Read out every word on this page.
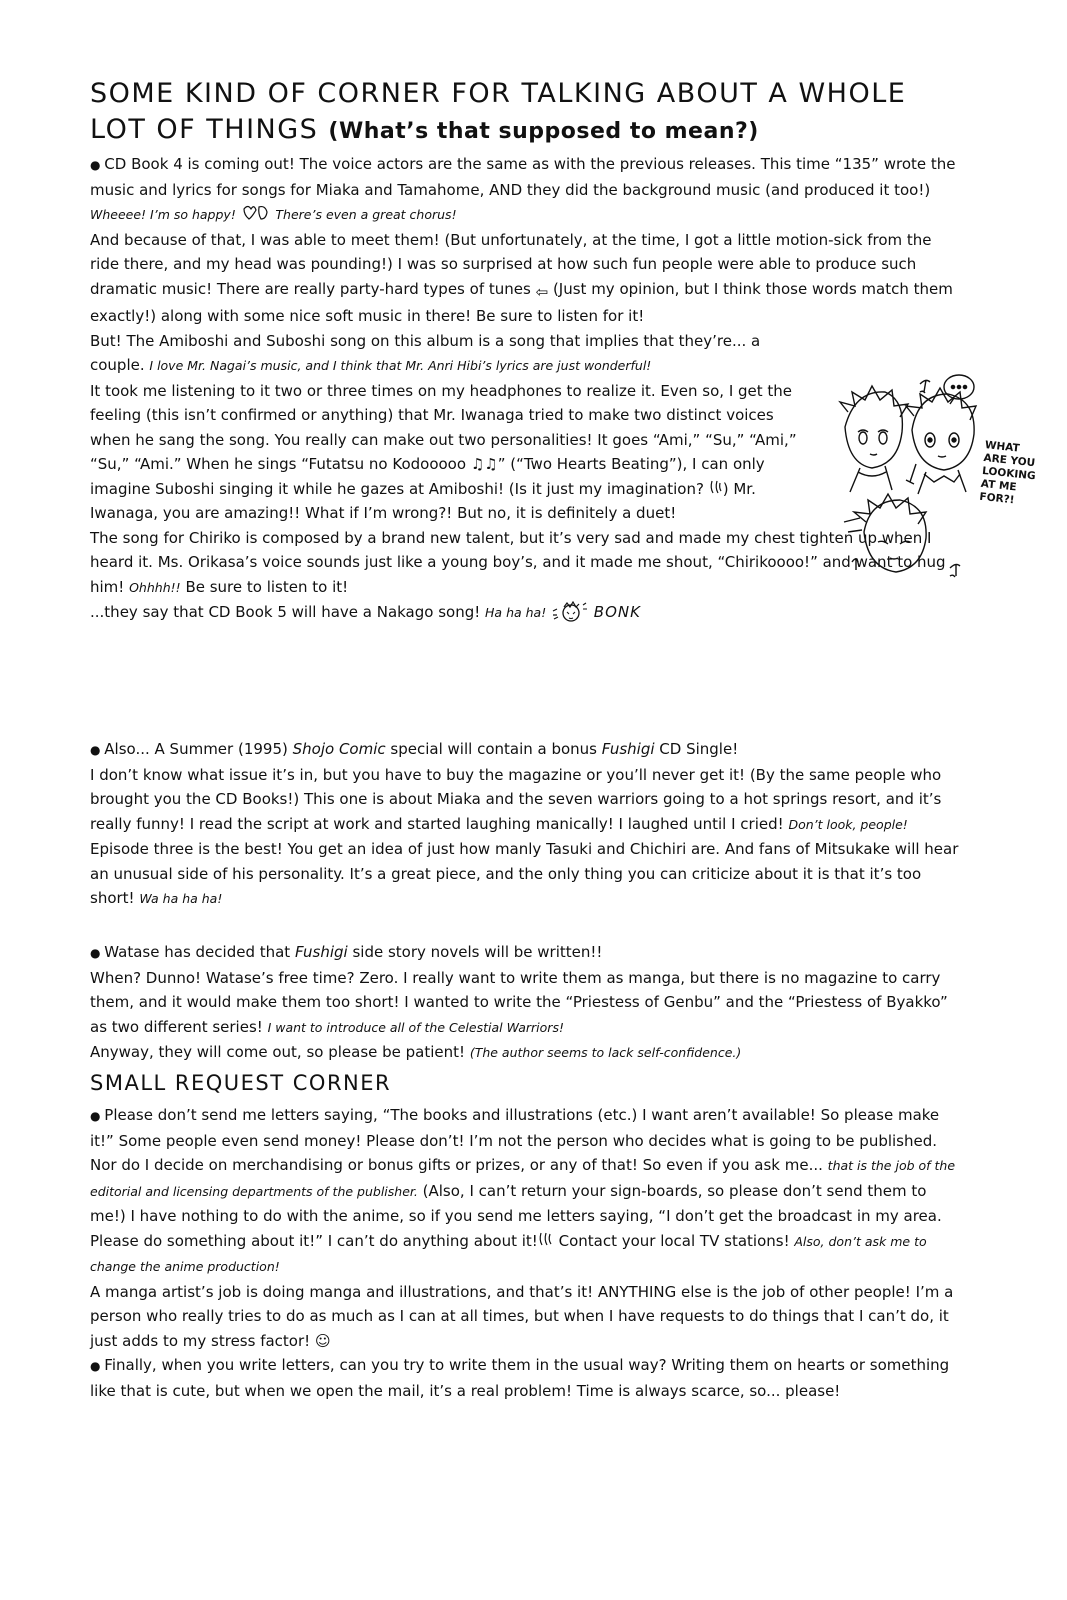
SOME KIND OF CORNER FOR TALKING ABOUT A WHOLE
LOT OF THINGS (What’s that supposed to mean?)

● CD Book 4 is coming out! The voice actors are the same as with the previous releases. This time “135” wrote the music and lyrics for songs for Miaka and Tamahome, AND they did the background music (and produced it too!) Wheeee! I’m so happy!	There’s even a great chorus!

And because of that, I was able to meet them! (But unfortunately, at the time, I got a little motion-sick from the ride there, and my head was pounding!) I was so surprised at how such fun people were able to produce such dramatic music! There are really party-hard types of tunes ⇦ (Just my opinion, but I think those words match them exactly!) along with some nice soft music in there! Be sure to listen for it!

But! The Amiboshi and Suboshi song on this album is a song that implies that they’re... a couple. I love Mr. Nagai’s music, and I think that Mr. Anri Hibi’s lyrics are just wonderful!

It took me listening to it two or three times on my headphones to realize it. Even so, I get the feeling (this isn’t confirmed or anything) that Mr. Iwanaga tried to make two distinct voices when he sang the song. You really can make out two personalities! It goes “Ami,” “Su,” “Ami,” “Su,” “Ami.” When he sings “Futatsu no Kodooooo ♫♫” (“Two Hearts Beating”), I can only imagine Suboshi singing it while he gazes at Amiboshi! (Is it just my imagination? ) Mr. Iwanaga, you are amazing!! What if I’m wrong?! But no, it is definitely a duet!

The song for Chiriko is composed by a brand new talent, but it’s very sad and made my chest tighten up when I heard it. Ms. Orikasa’s voice sounds just like a young boy’s, and it made me shout, “Chirikoooo!” and want to hug him! Ohhhh!! Be sure to listen to it!

...they say that CD Book 5 will have a Nakago song! Ha ha ha!	BONK

WHAT
ARE YOU
LOOKING
AT ME
FOR?!

● Also... A Summer (1995) Shojo Comic special will contain a bonus Fushigi CD Single!

I don’t know what issue it’s in, but you have to buy the magazine or you’ll never get it! (By the same people who brought you the CD Books!) This one is about Miaka and the seven warriors going to a hot springs resort, and it’s really funny! I read the script at work and started laughing manically! I laughed until I cried! Don’t look, people! Episode three is the best! You get an idea of just how manly Tasuki and Chichiri are. And fans of Mitsukake will hear an unusual side of his personality. It’s a great piece, and the only thing you can criticize about it is that it’s too short! Wa ha ha ha!

● Watase has decided that Fushigi side story novels will be written!!

When? Dunno! Watase’s free time? Zero. I really want to write them as manga, but there is no magazine to carry them, and it would make them too short! I wanted to write the “Priestess of Genbu” and the “Priestess of Byakko” as two different series! I want to introduce all of the Celestial Warriors!

Anyway, they will come out, so please be patient! (The author seems to lack self-confidence.)

SMALL REQUEST CORNER

● Please don’t send me letters saying, “The books and illustrations (etc.) I want aren’t available! So please make it!” Some people even send money! Please don’t! I’m not the person who decides what is going to be published. Nor do I decide on merchandising or bonus gifts or prizes, or any of that! So even if you ask me... that is the job of the editorial and licensing departments of the publisher. (Also, I can’t return your sign-boards, so please don’t send them to me!) I have nothing to do with the anime, so if you send me letters saying, “I don’t get the broadcast in my area. Please do something about it!” I can’t do anything about it! Contact your local TV stations! Also, don’t ask me to change the anime production!

A manga artist’s job is doing manga and illustrations, and that’s it! ANYTHING else is the job of other people! I’m a person who really tries to do as much as I can at all times, but when I have requests to do things that I can’t do, it just adds to my stress factor! ☺

● Finally, when you write letters, can you try to write them in the usual way? Writing them on hearts or something like that is cute, but when we open the mail, it’s a real problem! Time is always scarce, so... please!
